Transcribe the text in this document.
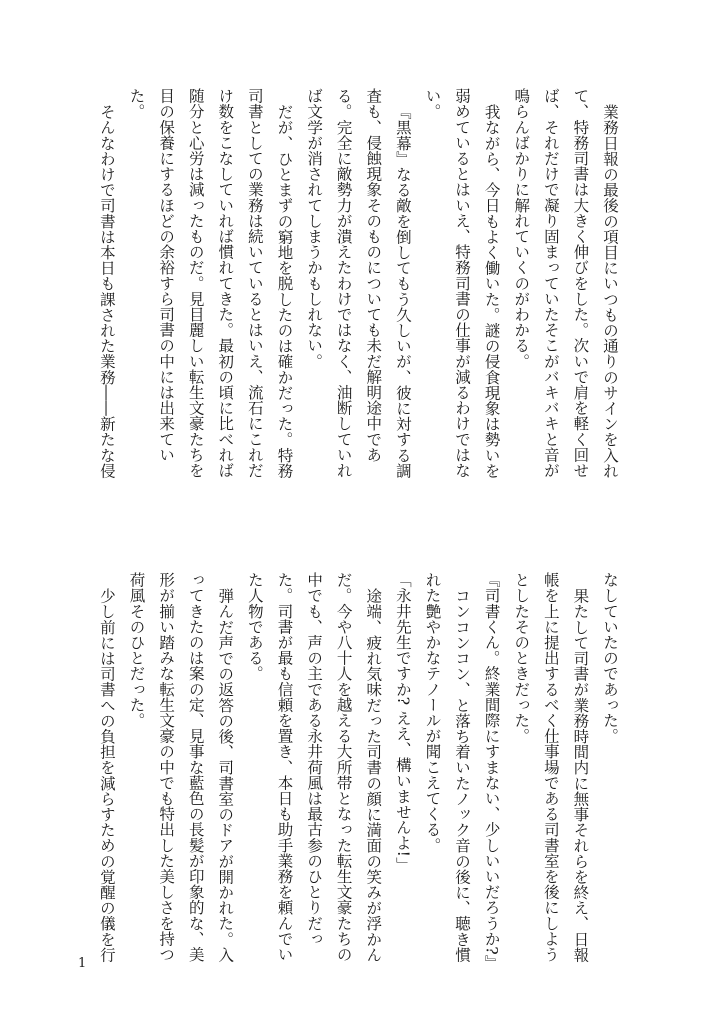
業務日報の最後の項目にいつもの通りのサインを入れて、特務司書は大きく伸びをした。次いで肩を軽く回せば、それだけで凝り固まっていたそこがバキバキと音が鳴らんばかりに解れていくのがわかる。

我ながら、今日もよく働いた。謎の侵食現象は勢いを弱めているとはいえ、特務司書の仕事が減るわけではない。

『黒幕』なる敵を倒してもう久しいが、彼に対する調査も、侵蝕現象そのものについても未だ解明途中である。完全に敵勢力が潰えたわけではなく、油断していれば文学が消されてしまうかもしれない。

だが、ひとまずの窮地を脱したのは確かだった。特務司書としての業務は続いているとはいえ、流石にこれだけ数をこなしていれば慣れてきた。最初の頃に比べれば随分と心労は減ったものだ。見目麗しい転生文豪たちを目の保養にするほどの余裕すら司書の中には出来ていた。

そんなわけで司書は本日も課された業務――新たな侵

なしていたのであった。

果たして司書が業務時間内に無事それらを終え、日報帳を上に提出するべく仕事場である司書室を後にしようとしたそのときだった。

『司書くん。終業間際にすまない、少しいいだろうか?』

コンコンコン、と落ち着いたノック音の後に、聴き慣れた艶やかなテノールが聞こえてくる。

「永井先生ですか? ええ、構いませんよ!」

途端、疲れ気味だった司書の顔に満面の笑みが浮かんだ。今や八十人を越える大所帯となった転生文豪たちの中でも、声の主である永井荷風は最古参のひとりだった。司書が最も信頼を置き、本日も助手業務を頼んでいた人物である。

弾んだ声での返答の後、司書室のドアが開かれた。入ってきたのは案の定、見事な藍色の長髪が印象的な、美形が揃い踏みな転生文豪の中でも特出した美しさを持つ荷風そのひとだった。

少し前には司書への負担を減らすための覚醒の儀を行

1
